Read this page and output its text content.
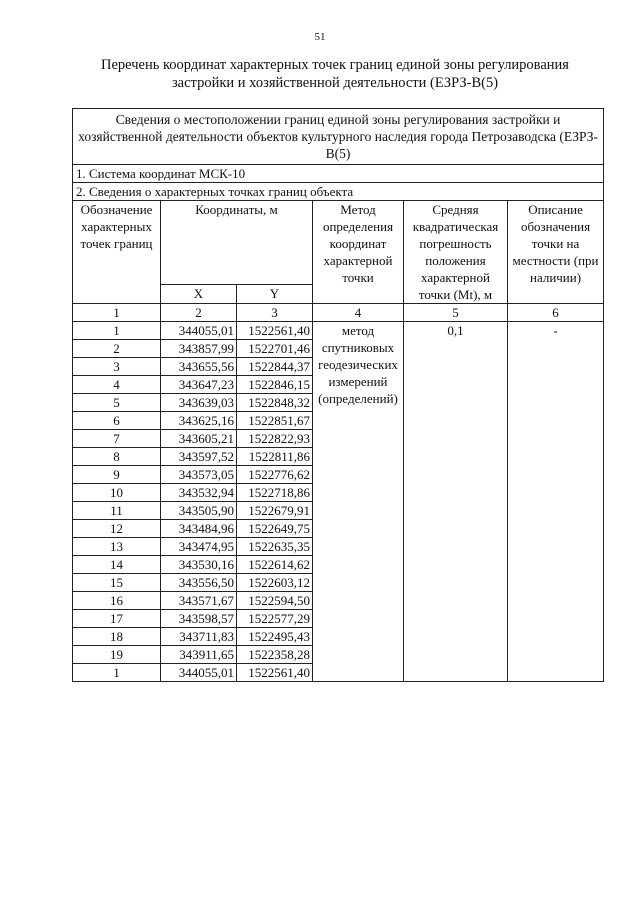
51
Перечень координат характерных точек границ единой зоны регулирования
застройки и хозяйственной деятельности (ЕЗРЗ-В(5)
Сведения о местоположении границ единой зоны регулирования застройки и хозяйственной деятельности объектов культурного наследия города Петрозаводска (ЕЗРЗ-В(5)					
1. Система координат МСК-10					
2. Сведения о характерных точках границ объекта					
Обозначение характерных точек границ	Координаты, м		Метод определения координат характерной точки	Средняя квадратическая погрешность положения характерной точки (Mt), м	Описание обозначения точки на местности (при наличии)
	X	Y			
1	2	3	4	5	6
1	344055,01	1522561,40	метод спутниковых геодезических измерений (определений)	0,1	-
2	343857,99	1522701,46			
3	343655,56	1522844,37			
4	343647,23	1522846,15			
5	343639,03	1522848,32			
6	343625,16	1522851,67			
7	343605,21	1522822,93			
8	343597,52	1522811,86			
9	343573,05	1522776,62			
10	343532,94	1522718,86			
11	343505,90	1522679,91			
12	343484,96	1522649,75			
13	343474,95	1522635,35			
14	343530,16	1522614,62			
15	343556,50	1522603,12			
16	343571,67	1522594,50			
17	343598,57	1522577,29			
18	343711,83	1522495,43			
19	343911,65	1522358,28			
1	344055,01	1522561,40			
